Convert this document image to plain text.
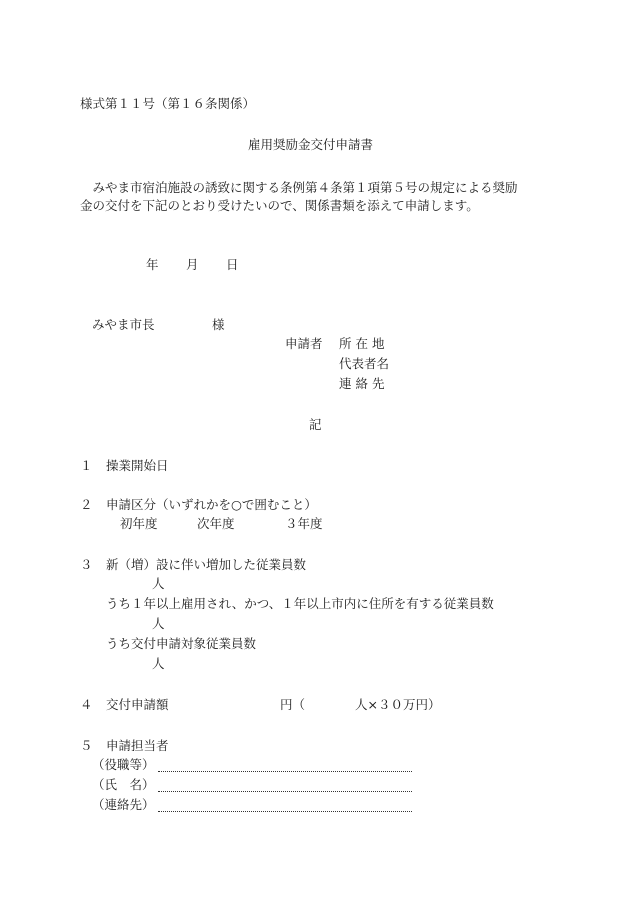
様式第１１号（第１６条関係）
雇用奨励金交付申請書
　みやま市宿泊施設の誘致に関する条例第４条第１項第５号の規定による奨励
金の交付を下記のとおり受けたいので、関係書類を添えて申請します。
年 月 日
みやま市長	様
申請者 所 在 地
代表者名
連 絡 先
記
１ 操業開始日
２ 申請区分（いずれかを○で囲むこと）
初年度	次年度	３年度
３ 新（増）設に伴い増加した従業員数
人
うち１年以上雇用され、かつ、１年以上市内に住所を有する従業員数
人
うち交付申請対象従業員数
人
４ 交付申請額	円（	人×３０万円）
５ 申請担当者
（役職等）
（氏　名）
（連絡先）
